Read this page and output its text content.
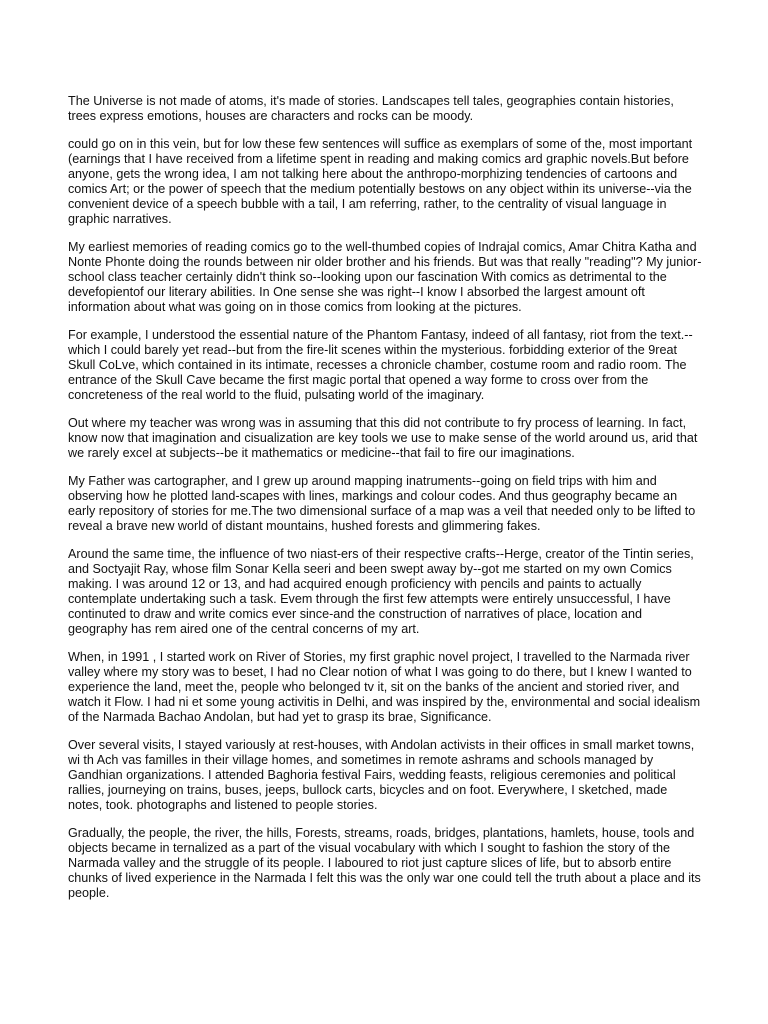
The Universe is not made of atoms, it's made of stories. Landscapes tell tales, geographies contain histories, trees express emotions, houses are characters and rocks can be moody.

could go on in this vein, but for low these few sentences will suffice as exemplars of some of the, most important (earnings that I have received from a lifetime spent in reading and making comics ard graphic novels.But before anyone, gets the wrong idea, I am not talking here about the anthropo-morphizing tendencies of cartoons and comics Art; or the power of speech that the medium potentially bestows on any object within its universe--via the convenient device of a speech bubble with a tail, I am referring, rather, to the centrality of visual language in graphic narratives.

My earliest memories of reading comics go to the well-thumbed copies of Indrajal comics, Amar Chitra Katha and Nonte Phonte doing the rounds between nir older brother and his friends. But was that really "reading"? My junior-school class teacher certainly didn't think so--looking upon our fascination With comics as detrimental to the devefopientof our literary abilities. In One sense she was right--I know I absorbed the largest amount oft information about what was going on in those comics from looking at the pictures.

For example, I understood the essential nature of the Phantom Fantasy, indeed of all fantasy, riot from the text.--which I could barely yet read--but from the fire-lit scenes within the mysterious. forbidding exterior of the 9reat Skull CoLve, which contained in its intimate, recesses a chronicle chamber, costume room and radio room. The entrance of the Skull Cave became the first magic portal that opened a way forme to cross over from the concreteness of the real world to the fluid, pulsating world of the imaginary.

Out where my teacher was wrong was in assuming that this did not contribute to fry process of learning. In fact, know now that imagination and cisualization are key tools we use to make sense of the world around us, arid that we rarely excel at subjects--be it mathematics or medicine--that fail to fire our imaginations.

My Father was cartographer, and I grew up around mapping inatruments--going on field trips with him and observing how he plotted land-scapes with lines, markings and colour codes. And thus geography became an early repository of stories for me.The two dimensional surface of a map was a veil that needed only to be lifted to reveal a brave new world of distant mountains, hushed forests and glimmering fakes.

Around the same time, the influence of two niast-ers of their respective crafts--Herge, creator of the Tintin series, and Soctyajit Ray, whose film Sonar Kella seeri and been swept away by--got me started on my own Comics making. I was around 12 or 13, and had acquired enough proficiency with pencils and paints to actually contemplate undertaking such a task. Evem through the first few attempts were entirely unsuccessful, I have continuted to draw and write comics ever since-and the construction of narratives of place, location and geography has rem aired one of the central concerns of my art.

When, in 1991 , I started work on River of Stories, my first graphic novel project, I travelled to the Narmada river valley where my story was to beset, I had no Clear notion of what I was going to do there, but I knew I wanted to experience the land, meet the, people who belonged tv it, sit on the banks of the ancient and storied river, and watch it Flow. I had ni et some young activitis in Delhi, and was inspired by the, environmental and social idealism of the Narmada Bachao Andolan, but had yet to grasp its brae, Significance.

Over several visits, I stayed variously at rest-houses, with Andolan activists in their offices in small market towns, wi th Ach vas familles in their village homes, and sometimes in remote ashrams and schools managed by Gandhian organizations. I attended Baghoria festival Fairs, wedding feasts, religious ceremonies and political rallies, journeying on trains, buses, jeeps, bullock carts, bicycles and on foot. Everywhere, I sketched, made notes, took. photographs and listened to people stories.

Gradually, the people, the river, the hills, Forests, streams, roads, bridges, plantations, hamlets, house, tools and objects became in ternalized as a part of the visual vocabulary with which I sought to fashion the story of the Narmada valley and the struggle of its people. I laboured to riot just capture slices of life, but to absorb entire chunks of lived experience in the Narmada I felt this was the only war one could tell the truth about a place and its people.
